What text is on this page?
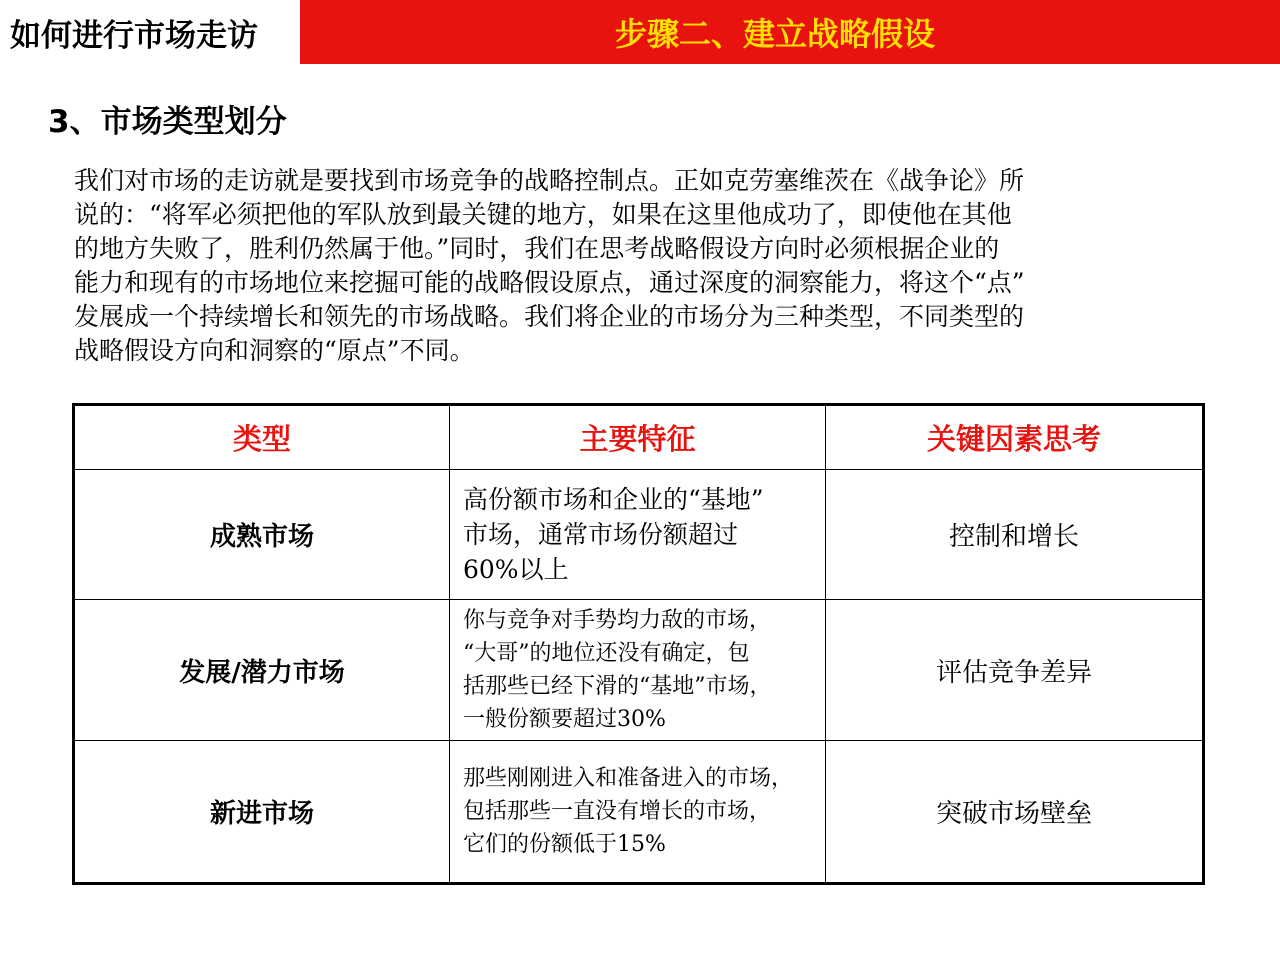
如何进行市场走访	步骤二、建立战略假设
3、市场类型划分
我们对市场的走访就是要找到市场竞争的战略控制点。正如克劳塞维茨在《战争论》所
说的：“将军必须把他的军队放到最关键的地方，如果在这里他成功了，即使他在其他
的地方失败了，胜利仍然属于他。”同时，我们在思考战略假设方向时必须根据企业的
能力和现有的市场地位来挖掘可能的战略假设原点，通过深度的洞察能力，将这个“点”
发展成一个持续增长和领先的市场战略。我们将企业的市场分为三种类型，不同类型的
战略假设方向和洞察的“原点”不同。
类型	主要特征	关键因素思考
成熟市场	高份额市场和企业的“基地”
市场，通常市场份额超过
60%以上	控制和增长
发展/潜力市场	你与竞争对手势均力敌的市场，
“大哥”的地位还没有确定，包
括那些已经下滑的“基地”市场，
一般份额要超过30%	评估竞争差异
新进市场	那些刚刚进入和准备进入的市场，
包括那些一直没有增长的市场，
它们的份额低于15%	突破市场壁垒
